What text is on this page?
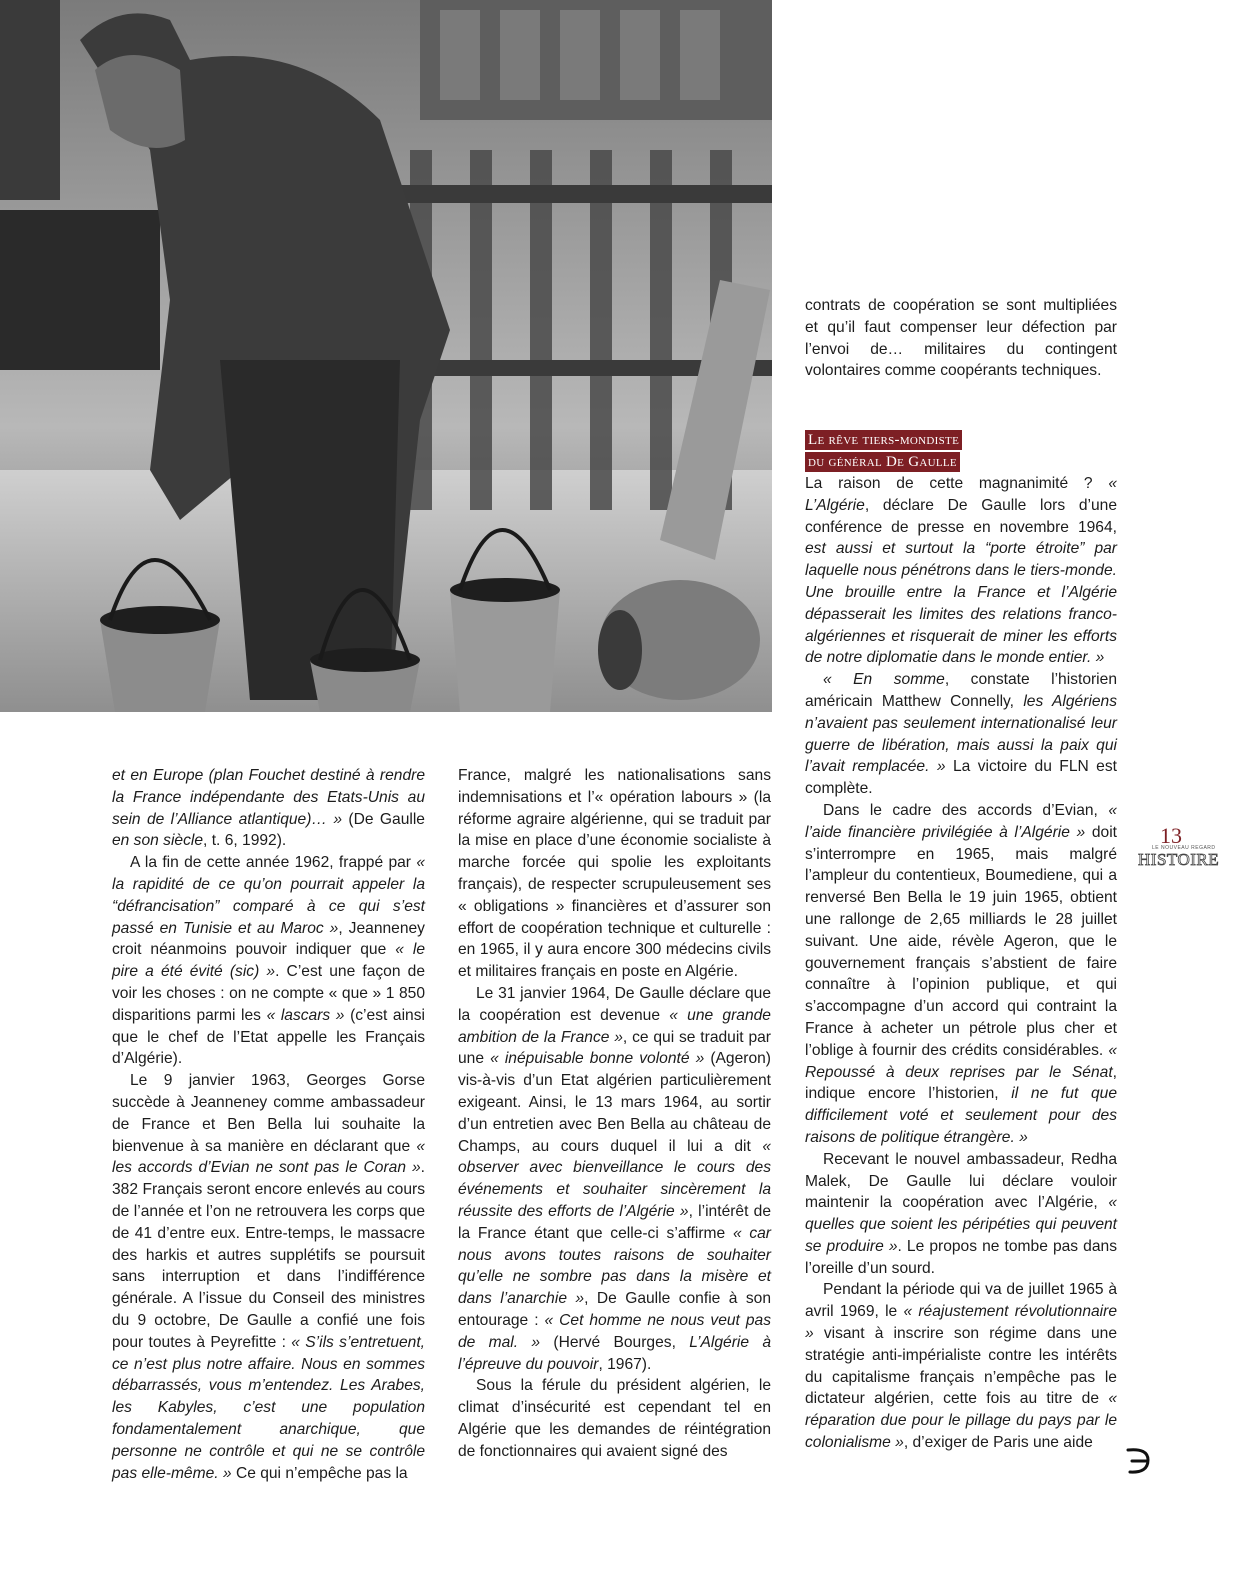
et en Europe (plan Fouchet destiné à rendre la France indépendante des Etats-Unis au sein de l’Alliance atlantique)… » (De Gaulle en son siècle, t. 6, 1992).

A la fin de cette année 1962, frappé par « la rapidité de ce qu’on pourrait appeler la “défrancisation” comparé à ce qui s’est passé en Tunisie et au Maroc », Jeanneney croit néanmoins pouvoir indiquer que « le pire a été évité (sic) ». C’est une façon de voir les choses : on ne compte « que » 1 850 disparitions parmi les « lascars » (c’est ainsi que le chef de l’Etat appelle les Français d’Algérie).

Le 9 janvier 1963, Georges Gorse succède à Jeanneney comme ambassadeur de France et Ben Bella lui souhaite la bienvenue à sa manière en déclarant que « les accords d’Evian ne sont pas le Coran ». 382 Français seront encore enlevés au cours de l’année et l’on ne retrouvera les corps que de 41 d’entre eux. Entre-temps, le massacre des harkis et autres supplétifs se poursuit sans interruption et dans l’indifférence générale. A l’issue du Conseil des ministres du 9 octobre, De Gaulle a confié une fois pour toutes à Peyrefitte : « S’ils s’entretuent, ce n’est plus notre affaire. Nous en sommes débarrassés, vous m’entendez. Les Arabes, les Kabyles, c’est une population fondamentalement anarchique, que personne ne contrôle et qui ne se contrôle pas elle-même. » Ce qui n’empêche pas la

France, malgré les nationalisations sans indemnisations et l’« opération labours » (la réforme agraire algérienne, qui se traduit par la mise en place d’une économie socialiste à marche forcée qui spolie les exploitants français), de respecter scrupuleusement ses « obligations » financières et d’assurer son effort de coopération technique et culturelle : en 1965, il y aura encore 300 médecins civils et militaires français en poste en Algérie.

Le 31 janvier 1964, De Gaulle déclare que la coopération est devenue « une grande ambition de la France », ce qui se traduit par une « inépuisable bonne volonté » (Ageron) vis-à-vis d’un Etat algérien particulièrement exigeant. Ainsi, le 13 mars 1964, au sortir d’un entretien avec Ben Bella au château de Champs, au cours duquel il lui a dit « observer avec bienveillance le cours des événements et souhaiter sincèrement la réussite des efforts de l’Algérie », l’intérêt de la France étant que celle-ci s’affirme « car nous avons toutes raisons de souhaiter qu’elle ne sombre pas dans la misère et dans l’anarchie », De Gaulle confie à son entourage : « Cet homme ne nous veut pas de mal. » (Hervé Bourges, L’Algérie à l’épreuve du pouvoir, 1967).

Sous la férule du président algérien, le climat d’insécurité est cependant tel en Algérie que les demandes de réintégration de fonctionnaires qui avaient signé des

contrats de coopération se sont multipliées et qu’il faut compenser leur défection par l’envoi de… militaires du contingent volontaires comme coopérants techniques.

Le rêve tiers-mondiste
du général De Gaulle

La raison de cette magnanimité ? « L’Algérie, déclare De Gaulle lors d’une conférence de presse en novembre 1964, est aussi et surtout la “porte étroite” par laquelle nous pénétrons dans le tiers-monde. Une brouille entre la France et l’Algérie dépasserait les limites des relations franco-algériennes et risquerait de miner les efforts de notre diplomatie dans le monde entier. »

« En somme, constate l’historien américain Matthew Connelly, les Algériens n’avaient pas seulement internationalisé leur guerre de libération, mais aussi la paix qui l’avait remplacée. » La victoire du FLN est complète.

Dans le cadre des accords d’Evian, « l’aide financière privilégiée à l’Algérie » doit s’interrompre en 1965, mais malgré l’ampleur du contentieux, Boumediene, qui a renversé Ben Bella le 19 juin 1965, obtient une rallonge de 2,65 milliards le 28 juillet suivant. Une aide, révèle Ageron, que le gouvernement français s’abstient de faire connaître à l’opinion publique, et qui s’accompagne d’un accord qui contraint la France à acheter un pétrole plus cher et l’oblige à fournir des crédits considérables. « Repoussé à deux reprises par le Sénat, indique encore l’historien, il ne fut que difficilement voté et seulement pour des raisons de politique étrangère. »

Recevant le nouvel ambassadeur, Redha Malek, De Gaulle lui déclare vouloir maintenir la coopération avec l’Algérie, « quelles que soient les péripéties qui peuvent se produire ». Le propos ne tombe pas dans l’oreille d’un sourd.

Pendant la période qui va de juillet 1965 à avril 1969, le « réajustement révolutionnaire » visant à inscrire son régime dans une stratégie anti-impérialiste contre les intérêts du capitalisme français n’empêche pas le dictateur algérien, cette fois au titre de « réparation due pour le pillage du pays par le colonialisme », d’exiger de Paris une aide

13
LE NOUVEAU REGARD
HISTOIRE
